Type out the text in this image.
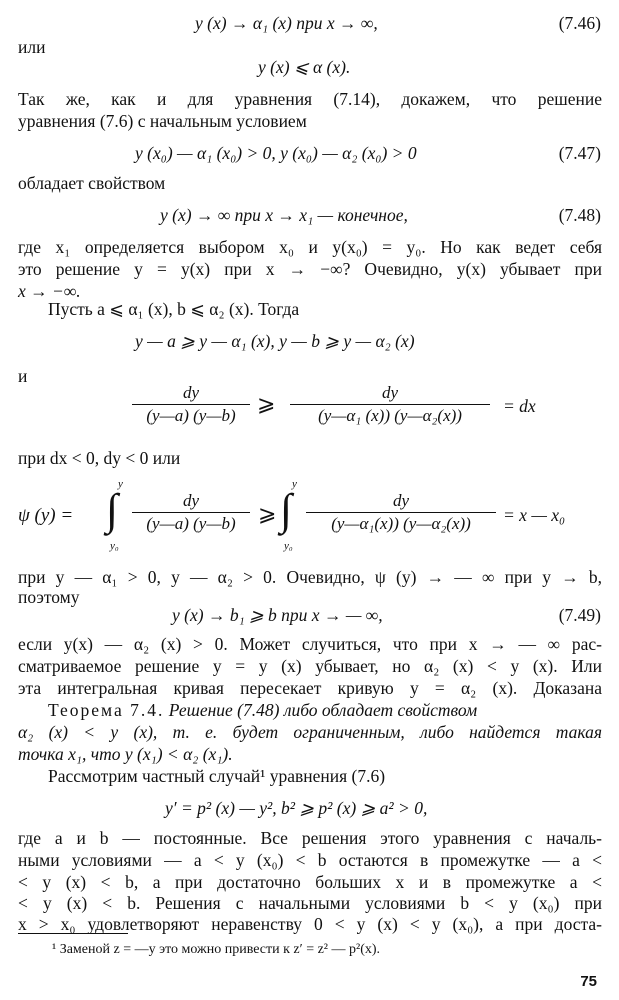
y (x) → α₁ (x) при x → ∞,	(7.46)
или
y (x) ⩽ α (x).
Так же, как и для уравнения (7.14), докажем, что решение
уравнения (7.6) с начальным условием
y (x₀) — α₁ (x₀) > 0, y (x₀) — α₂ (x₀) > 0	(7.47)
обладает свойством
y (x) → ∞ при x → x₁ — конечное,	(7.48)
где x₁ определяется выбором x₀ и y(x₀) = y₀. Но как ведет себя
это решение y = y(x) при x → −∞? Очевидно, y(x) убывает при
x → −∞.
Пусть a ⩽ α₁ (x), b ⩽ α₂ (x). Тогда
y — a ⩾ y — α₁ (x), y — b ⩾ y — α₂ (x)
и
$\frac{dy}{(y—a) (y—b)}$ ⩾ $\frac{dy}{\text{(y—α₁ (x)) (y—α₂(x))}}$ = dx
при dx < 0, dy < 0 или
ψ (y) =
y
∫
y₀
$\frac{dy}{(y—a) (y—b)}$ ⩾
y
∫
y₀
$\frac{dy}{\text{(y—α₁(x)) (y—α₂(x))}} = x$ — x₀
при y — α₁ > 0, y — α₂ > 0. Очевидно, ψ (y) → — ∞ при y → b,
поэтому
y (x) → b₁ ⩾ b при x → — ∞,	(7.49)
если y(x) — α₂ (x) > 0. Может случиться, что при x → — ∞ рас-
сматриваемое решение y = y (x) убывает, но α₂ (x) < y (x). Или
эта интегральная кривая пересекает кривую y = α₂ (x). Доказана
Теорема 7.4. Решение (7.48) либо обладает свойством
α₂ (x) < y (x), т. е. будет ограниченным, либо найдется такая
точка x₁, что y (x₁) < α₂ (x₁).
Рассмотрим частный случай¹ уравнения (7.6)
y′ = p² (x) — y², b² ⩾ p² (x) ⩾ a² > 0,
где a и b — постоянные. Все решения этого уравнения с началь-
ными условиями — a < y (x₀) < b остаются в промежутке — a <
< y (x) < b, а при достаточно больших x и в промежутке a <
< y (x) < b. Решения с начальными условиями b < y (x₀) при
x > x₀ удовлетворяют неравенству 0 < y (x) < y (x₀), а при доста-
¹ Заменой z = —y это можно привести к z′ = z² — p²(x).
75
